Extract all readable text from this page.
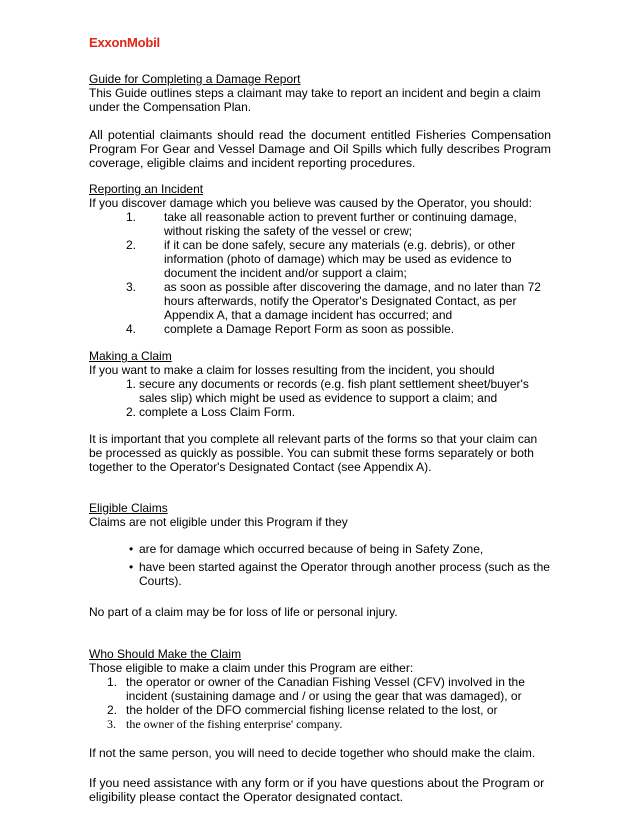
ExxonMobil

Guide for Completing a Damage Report

This Guide outlines steps a claimant may take to report an incident and begin a claim under the Compensation Plan.

All potential claimants should read the document entitled Fisheries Compensation Program For Gear and Vessel Damage and Oil Spills which fully describes Program coverage, eligible claims and incident reporting procedures.

Reporting an Incident

If you discover damage which you believe was caused by the Operator, you should:

1. take all reasonable action to prevent further or continuing damage, without risking the safety of the vessel or crew;
2. if it can be done safely, secure any materials (e.g. debris), or other information (photo of damage) which may be used as evidence to document the incident and/or support a claim;
3. as soon as possible after discovering the damage, and no later than 72 hours afterwards, notify the Operator's Designated Contact, as per Appendix A, that a damage incident has occurred; and
4. complete a Damage Report Form as soon as possible.

Making a Claim

If you want to make a claim for losses resulting from the incident, you should

1. secure any documents or records (e.g. fish plant settlement sheet/buyer's sales slip) which might be used as evidence to support a claim; and
2. complete a Loss Claim Form.

It is important that you complete all relevant parts of the forms so that your claim can be processed as quickly as possible. You can submit these forms separately or both together to the Operator's Designated Contact (see Appendix A).

Eligible Claims

Claims are not eligible under this Program if they

• are for damage which occurred because of being in Safety Zone,
• have been started against the Operator through another process (such as the Courts).

No part of a claim may be for loss of life or personal injury.

Who Should Make the Claim

Those eligible to make a claim under this Program are either:

1. the operator or owner of the Canadian Fishing Vessel (CFV) involved in the incident (sustaining damage and / or using the gear that was damaged), or
2. the holder of the DFO commercial fishing license related to the lost, or
3. the owner of the fishing enterprise' company.

If not the same person, you will need to decide together who should make the claim.

If you need assistance with any form or if you have questions about the Program or eligibility please contact the Operator designated contact.
